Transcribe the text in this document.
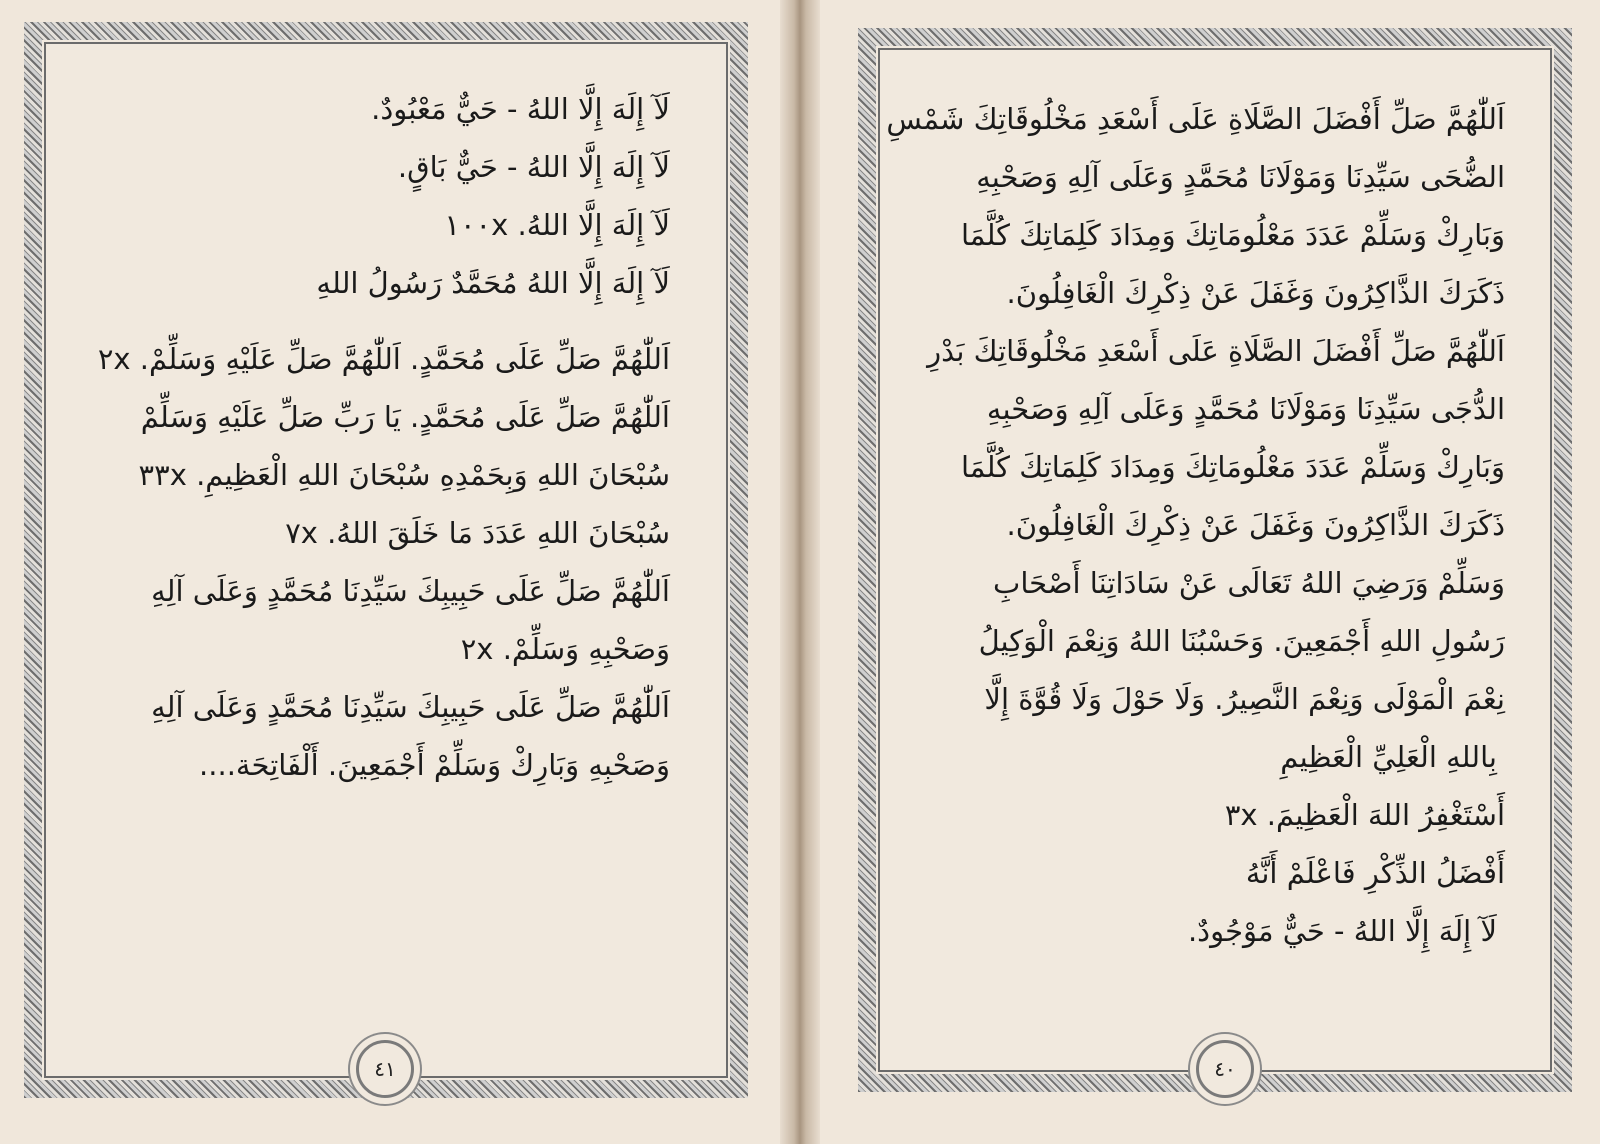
لَآ إِلَهَ إِلَّا اللهُ - حَيٌّ مَعْبُودٌ.
لَآ إِلَهَ إِلَّا اللهُ - حَيٌّ بَاقٍ.
لَآ إِلَهَ إِلَّا اللهُ. ١٠٠x
لَآ إِلَهَ إِلَّا اللهُ مُحَمَّدٌ رَسُولُ اللهِ
اَللّٰهُمَّ صَلِّ عَلَى مُحَمَّدٍ. اَللّٰهُمَّ صَلِّ عَلَيْهِ وَسَلِّمْ. ٢x
اَللّٰهُمَّ صَلِّ عَلَى مُحَمَّدٍ. يَا رَبِّ صَلِّ عَلَيْهِ وَسَلِّمْ
سُبْحَانَ اللهِ وَبِحَمْدِهِ سُبْحَانَ اللهِ الْعَظِيمِ. ٣٣x
سُبْحَانَ اللهِ عَدَدَ مَا خَلَقَ اللهُ. ٧x
اَللّٰهُمَّ صَلِّ عَلَى حَبِيبِكَ سَيِّدِنَا مُحَمَّدٍ وَعَلَى آلِهِ
وَصَحْبِهِ وَسَلِّمْ. ٢x
اَللّٰهُمَّ صَلِّ عَلَى حَبِيبِكَ سَيِّدِنَا مُحَمَّدٍ وَعَلَى آلِهِ
وَصَحْبِهِ وَبَارِكْ وَسَلِّمْ أَجْمَعِينَ. أَلْفَاتِحَة....
اَللّٰهُمَّ صَلِّ أَفْضَلَ الصَّلَاةِ عَلَى أَسْعَدِ مَخْلُوقَاتِكَ شَمْسِ
الضُّحَى سَيِّدِنَا وَمَوْلَانَا مُحَمَّدٍ وَعَلَى آلِهِ وَصَحْبِهِ
وَبَارِكْ وَسَلِّمْ عَدَدَ مَعْلُومَاتِكَ وَمِدَادَ كَلِمَاتِكَ كُلَّمَا
ذَكَرَكَ الذَّاكِرُونَ وَغَفَلَ عَنْ ذِكْرِكَ الْغَافِلُونَ.
اَللّٰهُمَّ صَلِّ أَفْضَلَ الصَّلَاةِ عَلَى أَسْعَدِ مَخْلُوقَاتِكَ بَدْرِ
الدُّجَى سَيِّدِنَا وَمَوْلَانَا مُحَمَّدٍ وَعَلَى آلِهِ وَصَحْبِهِ
وَبَارِكْ وَسَلِّمْ عَدَدَ مَعْلُومَاتِكَ وَمِدَادَ كَلِمَاتِكَ كُلَّمَا
ذَكَرَكَ الذَّاكِرُونَ وَغَفَلَ عَنْ ذِكْرِكَ الْغَافِلُونَ.
وَسَلِّمْ وَرَضِيَ اللهُ تَعَالَى عَنْ سَادَاتِنَا أَصْحَابِ
رَسُولِ اللهِ أَجْمَعِينَ. وَحَسْبُنَا اللهُ وَنِعْمَ الْوَكِيلُ
نِعْمَ الْمَوْلَى وَنِعْمَ النَّصِيرُ. وَلَا حَوْلَ وَلَا قُوَّةَ إِلَّا
بِاللهِ الْعَلِيِّ الْعَظِيمِ
أَسْتَغْفِرُ اللهَ الْعَظِيمَ. ٣x
أَفْضَلُ الذِّكْرِ فَاعْلَمْ أَنَّهُ
لَآ إِلَهَ إِلَّا اللهُ - حَيٌّ مَوْجُودٌ.
٤١	٤٠
